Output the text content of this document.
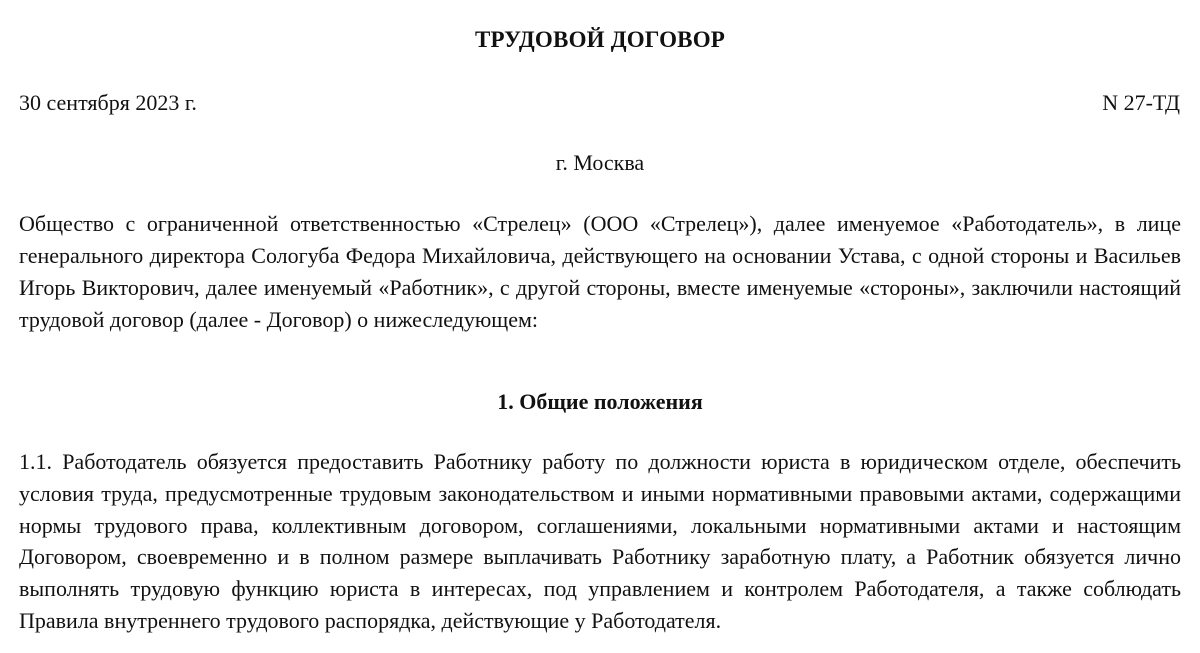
ТРУДОВОЙ ДОГОВОР
30 сентября 2023 г.	N 27-ТД
г. Москва

Общество с ограниченной ответственностью «Стрелец» (ООО «Стрелец»), далее именуемое «Работодатель», в лице генерального директора Сологуба Федора Михайловича, действующего на основании Устава, с одной стороны и Васильев Игорь Викторович, далее именуемый «Работник», с другой стороны, вместе именуемые «стороны», заключили настоящий трудовой договор (далее - Договор) о нижеследующем:

1. Общие положения

1.1. Работодатель обязуется предоставить Работнику работу по должности юриста в юридическом отделе, обеспечить условия труда, предусмотренные трудовым законодательством и иными нормативными правовыми актами, содержащими нормы трудового права, коллективным договором, соглашениями, локальными нормативными актами и настоящим Договором, своевременно и в полном размере выплачивать Работнику заработную плату, а Работник обязуется лично выполнять трудовую функцию юриста в интересах, под управлением и контролем Работодателя, а также соблюдать Правила внутреннего трудового распорядка, действующие у Работодателя.
